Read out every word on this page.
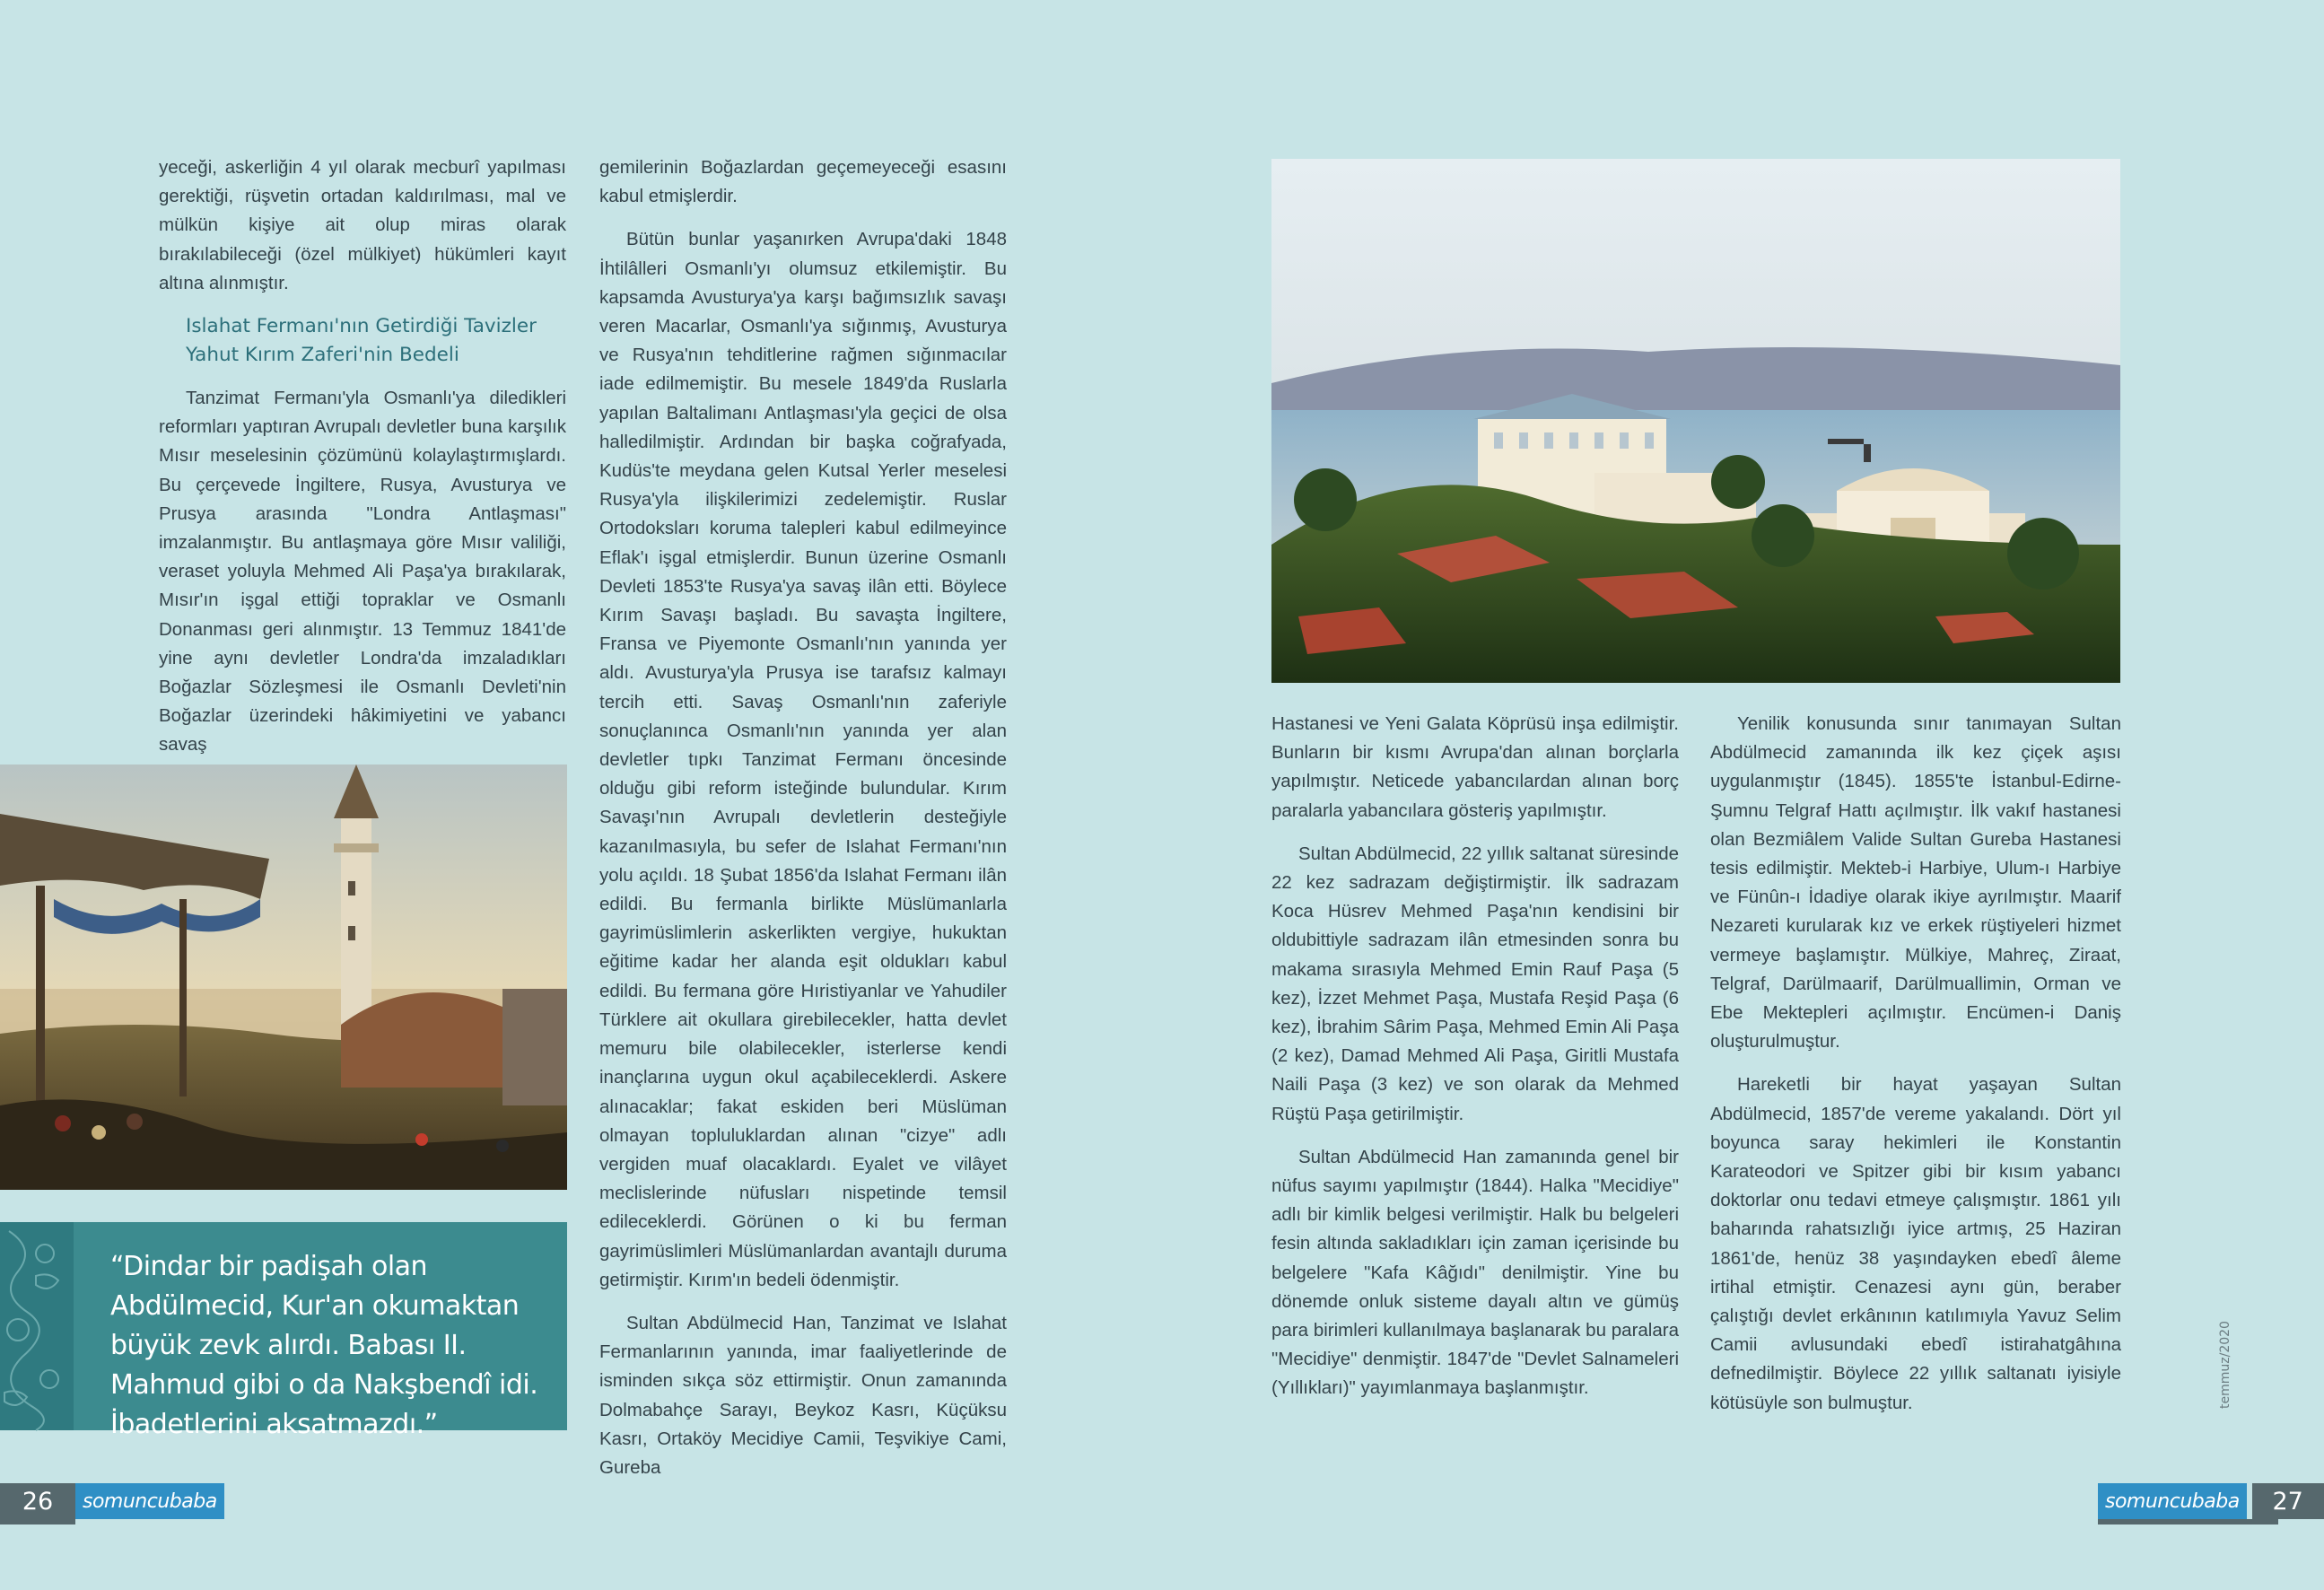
yeceği, askerliğin 4 yıl olarak mecburî yapılması gerektiği, rüşvetin ortadan kaldırılması, mal ve mülkün kişiye ait olup miras olarak bırakılabileceği (özel mülkiyet) hükümleri kayıt altına alınmıştır.

Islahat Fermanı'nın Getirdiği Tavizler
Yahut Kırım Zaferi'nin Bedeli

Tanzimat Fermanı'yla Osmanlı'ya diledikleri reformları yaptıran Avrupalı devletler buna karşılık Mısır meselesinin çözümünü kolaylaştırmışlardı. Bu çerçevede İngiltere, Rusya, Avusturya ve Prusya arasında "Londra Antlaşması" imzalanmıştır. Bu antlaşmaya göre Mısır valiliği, veraset yoluyla Mehmed Ali Paşa'ya bırakılarak, Mısır'ın işgal ettiği topraklar ve Osmanlı Donanması geri alınmıştır. 13 Temmuz 1841'de yine aynı devletler Londra'da imzaladıkları Boğazlar Sözleşmesi ile Osmanlı Devleti'nin Boğazlar üzerindeki hâkimiyetini ve yabancı savaş

“Dindar bir padişah olan Abdülmecid, Kur'an okumaktan büyük zevk alırdı. Babası II. Mahmud gibi o da Nakşbendî idi. İbadetlerini aksatmazdı.”

gemilerinin Boğazlardan geçemeyeceği esasını kabul etmişlerdir.

Bütün bunlar yaşanırken Avrupa'daki 1848 İhtilâlleri Osmanlı'yı olumsuz etkilemiştir. Bu kapsamda Avusturya'ya karşı bağımsızlık savaşı veren Macarlar, Osmanlı'ya sığınmış, Avusturya ve Rusya'nın tehditlerine rağmen sığınmacılar iade edilmemiştir. Bu mesele 1849'da Ruslarla yapılan Baltalimanı Antlaşması'yla geçici de olsa halledilmiştir. Ardından bir başka coğrafyada, Kudüs'te meydana gelen Kutsal Yerler meselesi Rusya'yla ilişkilerimizi zedelemiştir. Ruslar Ortodoksları koruma talepleri kabul edilmeyince Eflak'ı işgal etmişlerdir. Bunun üzerine Osmanlı Devleti 1853'te Rusya'ya savaş ilân etti. Böylece Kırım Savaşı başladı. Bu savaşta İngiltere, Fransa ve Piyemonte Osmanlı'nın yanında yer aldı. Avusturya'yla Prusya ise tarafsız kalmayı tercih etti. Savaş Osmanlı'nın zaferiyle sonuçlanınca Osmanlı'nın yanında yer alan devletler tıpkı Tanzimat Fermanı öncesinde olduğu gibi reform isteğinde bulundular. Kırım Savaşı'nın Avrupalı devletlerin desteğiyle kazanılmasıyla, bu sefer de Islahat Fermanı'nın yolu açıldı. 18 Şubat 1856'da Islahat Fermanı ilân edildi. Bu fermanla birlikte Müslümanlarla gayrimüslimlerin askerlikten vergiye, hukuktan eğitime kadar her alanda eşit oldukları kabul edildi. Bu fermana göre Hıristiyanlar ve Yahudiler Türklere ait okullara girebilecekler, hatta devlet memuru bile olabilecekler, isterlerse kendi inançlarına uygun okul açabileceklerdi. Askere alınacaklar; fakat eskiden beri Müslüman olmayan topluluklardan alınan "cizye" adlı vergiden muaf olacaklardı. Eyalet ve vilâyet meclislerinde nüfusları nispetinde temsil edileceklerdi. Görünen o ki bu ferman gayrimüslimleri Müslümanlardan avantajlı duruma getirmiştir. Kırım'ın bedeli ödenmiştir.

Sultan Abdülmecid Han, Tanzimat ve Islahat Fermanlarının yanında, imar faaliyetlerinde de isminden sıkça söz ettirmiştir. Onun zamanında Dolmabahçe Sarayı, Beykoz Kasrı, Küçüksu Kasrı, Ortaköy Mecidiye Camii, Teşvikiye Cami, Gureba

26	somuncubaba

Hastanesi ve Yeni Galata Köprüsü inşa edilmiştir. Bunların bir kısmı Avrupa'dan alınan borçlarla yapılmıştır. Neticede yabancılardan alınan borç paralarla yabancılara gösteriş yapılmıştır.

Sultan Abdülmecid, 22 yıllık saltanat süresinde 22 kez sadrazam değiştirmiştir. İlk sadrazam Koca Hüsrev Mehmed Paşa'nın kendisini bir oldubittiyle sadrazam ilân etmesinden sonra bu makama sırasıyla Mehmed Emin Rauf Paşa (5 kez), İzzet Mehmet Paşa, Mustafa Reşid Paşa (6 kez), İbrahim Sârim Paşa, Mehmed Emin Ali Paşa (2 kez), Damad Mehmed Ali Paşa, Giritli Mustafa Naili Paşa (3 kez) ve son olarak da Mehmed Rüştü Paşa getirilmiştir.

Sultan Abdülmecid Han zamanında genel bir nüfus sayımı yapılmıştır (1844). Halka "Mecidiye" adlı bir kimlik belgesi verilmiştir. Halk bu belgeleri fesin altında sakladıkları için zaman içerisinde bu belgelere "Kafa Kâğıdı" denilmiştir. Yine bu dönemde onluk sisteme dayalı altın ve gümüş para birimleri kullanılmaya başlanarak bu paralara "Mecidiye" denmiştir. 1847'de "Devlet Salnameleri (Yıllıkları)" yayımlanmaya başlanmıştır.

Yenilik konusunda sınır tanımayan Sultan Abdülmecid zamanında ilk kez çiçek aşısı uygulanmıştır (1845). 1855'te İstanbul-Edirne-Şumnu Telgraf Hattı açılmıştır. İlk vakıf hastanesi olan Bezmiâlem Valide Sultan Gureba Hastanesi tesis edilmiştir. Mekteb-i Harbiye, Ulum-ı Harbiye ve Fünûn-ı İdadiye olarak ikiye ayrılmıştır. Maarif Nezareti kurularak kız ve erkek rüştiyeleri hizmet vermeye başlamıştır. Mülkiye, Mahreç, Ziraat, Telgraf, Darülmaarif, Darülmuallimin, Orman ve Ebe Mektepleri açılmıştır. Encümen-i Daniş oluşturulmuştur.

Hareketli bir hayat yaşayan Sultan Abdülmecid, 1857'de vereme yakalandı. Dört yıl boyunca saray hekimleri ile Konstantin Karateodori ve Spitzer gibi bir kısım yabancı doktorlar onu tedavi etmeye çalışmıştır. 1861 yılı baharında rahatsızlığı iyice artmış, 25 Haziran 1861'de, henüz 38 yaşındayken ebedî âleme irtihal etmiştir. Cenazesi aynı gün, beraber çalıştığı devlet erkânının katılımıyla Yavuz Selim Camii avlusundaki ebedî istirahatgâhına defnedilmiştir. Böylece 22 yıllık saltanatı iyisiyle kötüsüyle son bulmuştur.	temmuz/2020
somuncubaba	27
